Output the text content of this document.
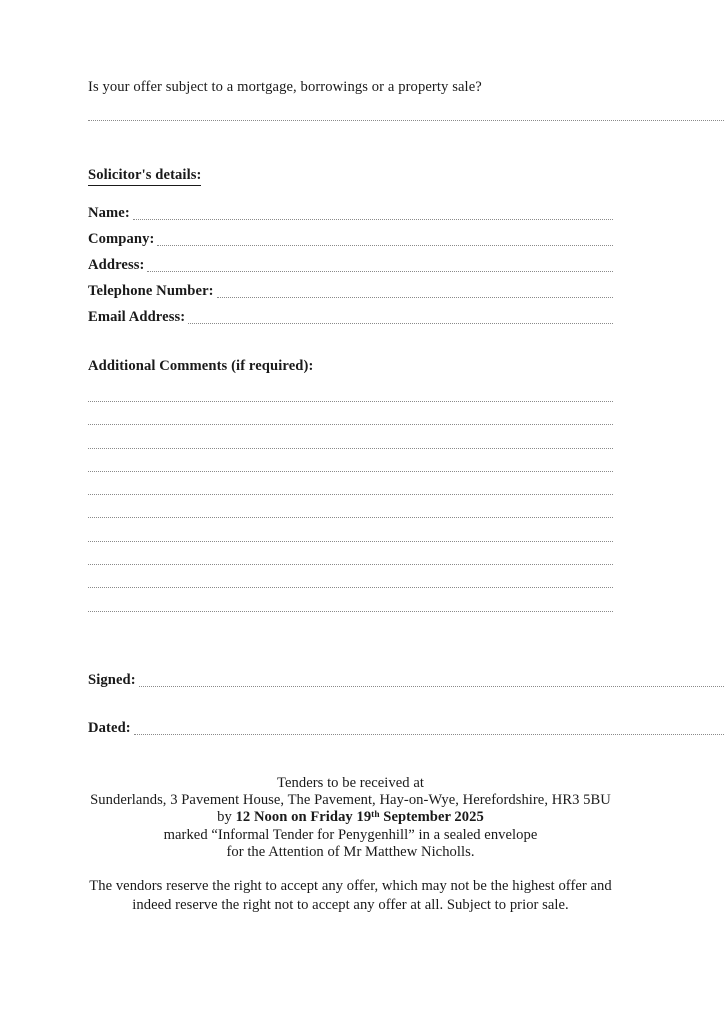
Is your offer subject to a mortgage, borrowings or a property sale?
Solicitor's details:
Name:
Company:
Address:
Telephone Number:
Email Address:
Additional Comments (if required):
Signed:
Dated:
Tenders to be received at
Sunderlands, 3 Pavement House, The Pavement, Hay-on-Wye, Herefordshire, HR3 5BU
by 12 Noon on Friday 19th September 2025
marked “Informal Tender for Penygenhill” in a sealed envelope
for the Attention of Mr Matthew Nicholls.
The vendors reserve the right to accept any offer, which may not be the highest offer and
indeed reserve the right not to accept any offer at all. Subject to prior sale.
